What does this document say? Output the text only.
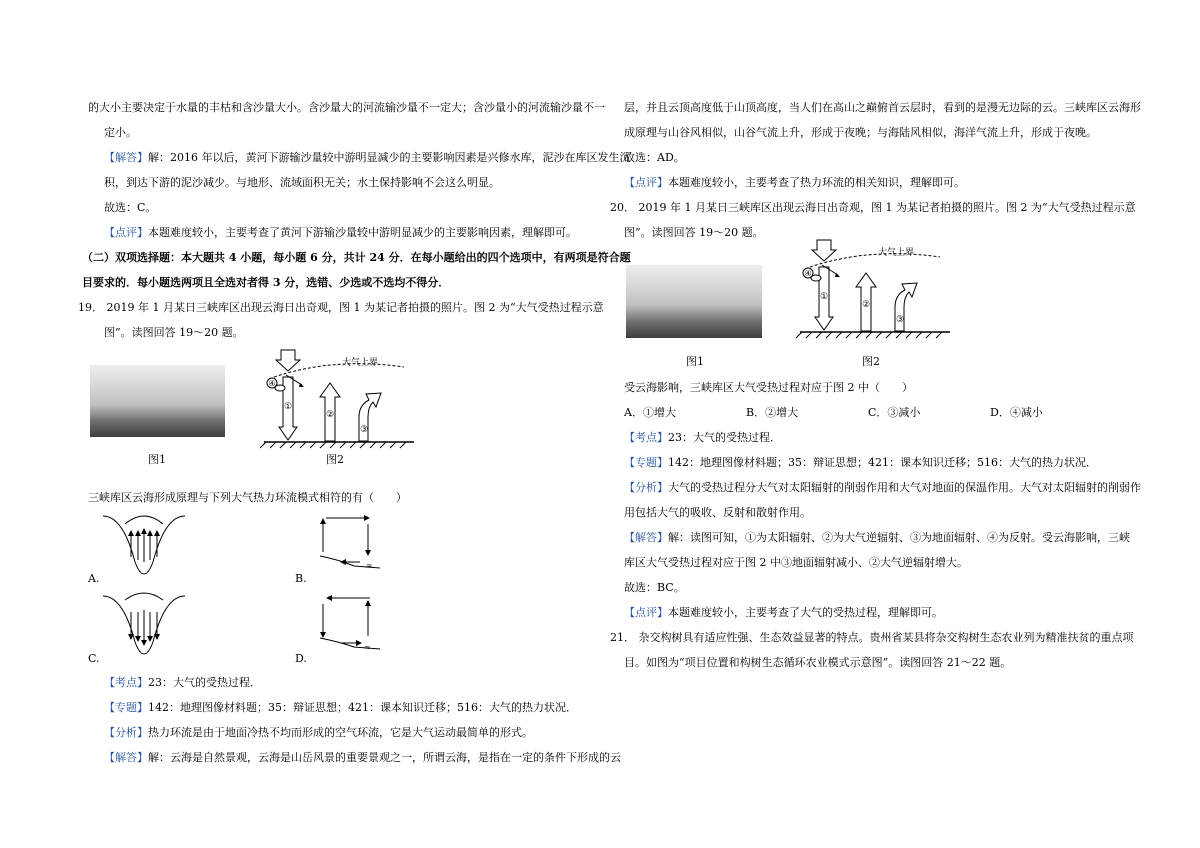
的大小主要决定于水量的丰枯和含沙量大小。含沙量大的河流输沙量不一定大；含沙量小的河流输沙量不一

定小。

【解答】解：2016 年以后，黄河下游输沙量较中游明显减少的主要影响因素是兴修水库，泥沙在库区发生沉

积，到达下游的泥沙减少。与地形、流域面积无关；水土保持影响不会这么明显。

故选：C。

【点评】本题难度较小，主要考查了黄河下游输沙量较中游明显减少的主要影响因素，理解即可。

（二）双项选择题：本大题共 4 小题，每小题 6 分，共计 24 分．在每小题给出的四个选项中，有两项是符合题

目要求的．每小题选两项且全选对者得 3 分，选错、少选或不选均不得分．

19． 2019 年 1 月某日三峡库区出现云海日出奇观，图 1 为某记者拍摄的照片。图 2 为“大气受热过程示意

图”。读图回答 19～20 题。

图1
④
①
②
③
大气上界
图2

三峡库区云海形成原理与下列大气热力环流模式相符的有（　　）

A.
≈
B.
C.
≈
D.

【考点】23：大气的受热过程．

【专题】142：地理图像材料题；35：辩证思想；421：课本知识迁移；516：大气的热力状况．

【分析】热力环流是由于地面冷热不均而形成的空气环流，它是大气运动最简单的形式。

【解答】解：云海是自然景观，云海是山岳风景的重要景观之一，所谓云海，是指在一定的条件下形成的云

层，并且云顶高度低于山顶高度，当人们在高山之巅俯首云层时，看到的是漫无边际的云。三峡库区云海形

成原理与山谷风相似，山谷气流上升，形成于夜晚；与海陆风相似，海洋气流上升，形成于夜晚。

故选：AD。

【点评】本题难度较小，主要考查了热力环流的相关知识，理解即可。

20． 2019 年 1 月某日三峡库区出现云海日出奇观，图 1 为某记者拍摄的照片。图 2 为“大气受热过程示意

图”。读图回答 19～20 题。

图1
④
①
②
③
大气上界
图2

受云海影响，三峡库区大气受热过程对应于图 2 中（　　）

A．①增大	B．②增大	C．③减小	D．④减小

【考点】23：大气的受热过程．

【专题】142：地理图像材料题；35：辩证思想；421：课本知识迁移；516：大气的热力状况．

【分析】大气的受热过程分大气对太阳辐射的削弱作用和大气对地面的保温作用。大气对太阳辐射的削弱作

用包括大气的吸收、反射和散射作用。

【解答】解：读图可知，①为太阳辐射、②为大气逆辐射、③为地面辐射、④为反射。受云海影响，三峡

库区大气受热过程对应于图 2 中③地面辐射减小、②大气逆辐射增大。

故选：BC。

【点评】本题难度较小，主要考查了大气的受热过程，理解即可。

21． 杂交构树具有适应性强、生态效益显著的特点。贵州省某县将杂交构树生态农业列为精准扶贫的重点项

目。如图为“项目位置和构树生态循环农业模式示意图”。读图回答 21～22 题。
